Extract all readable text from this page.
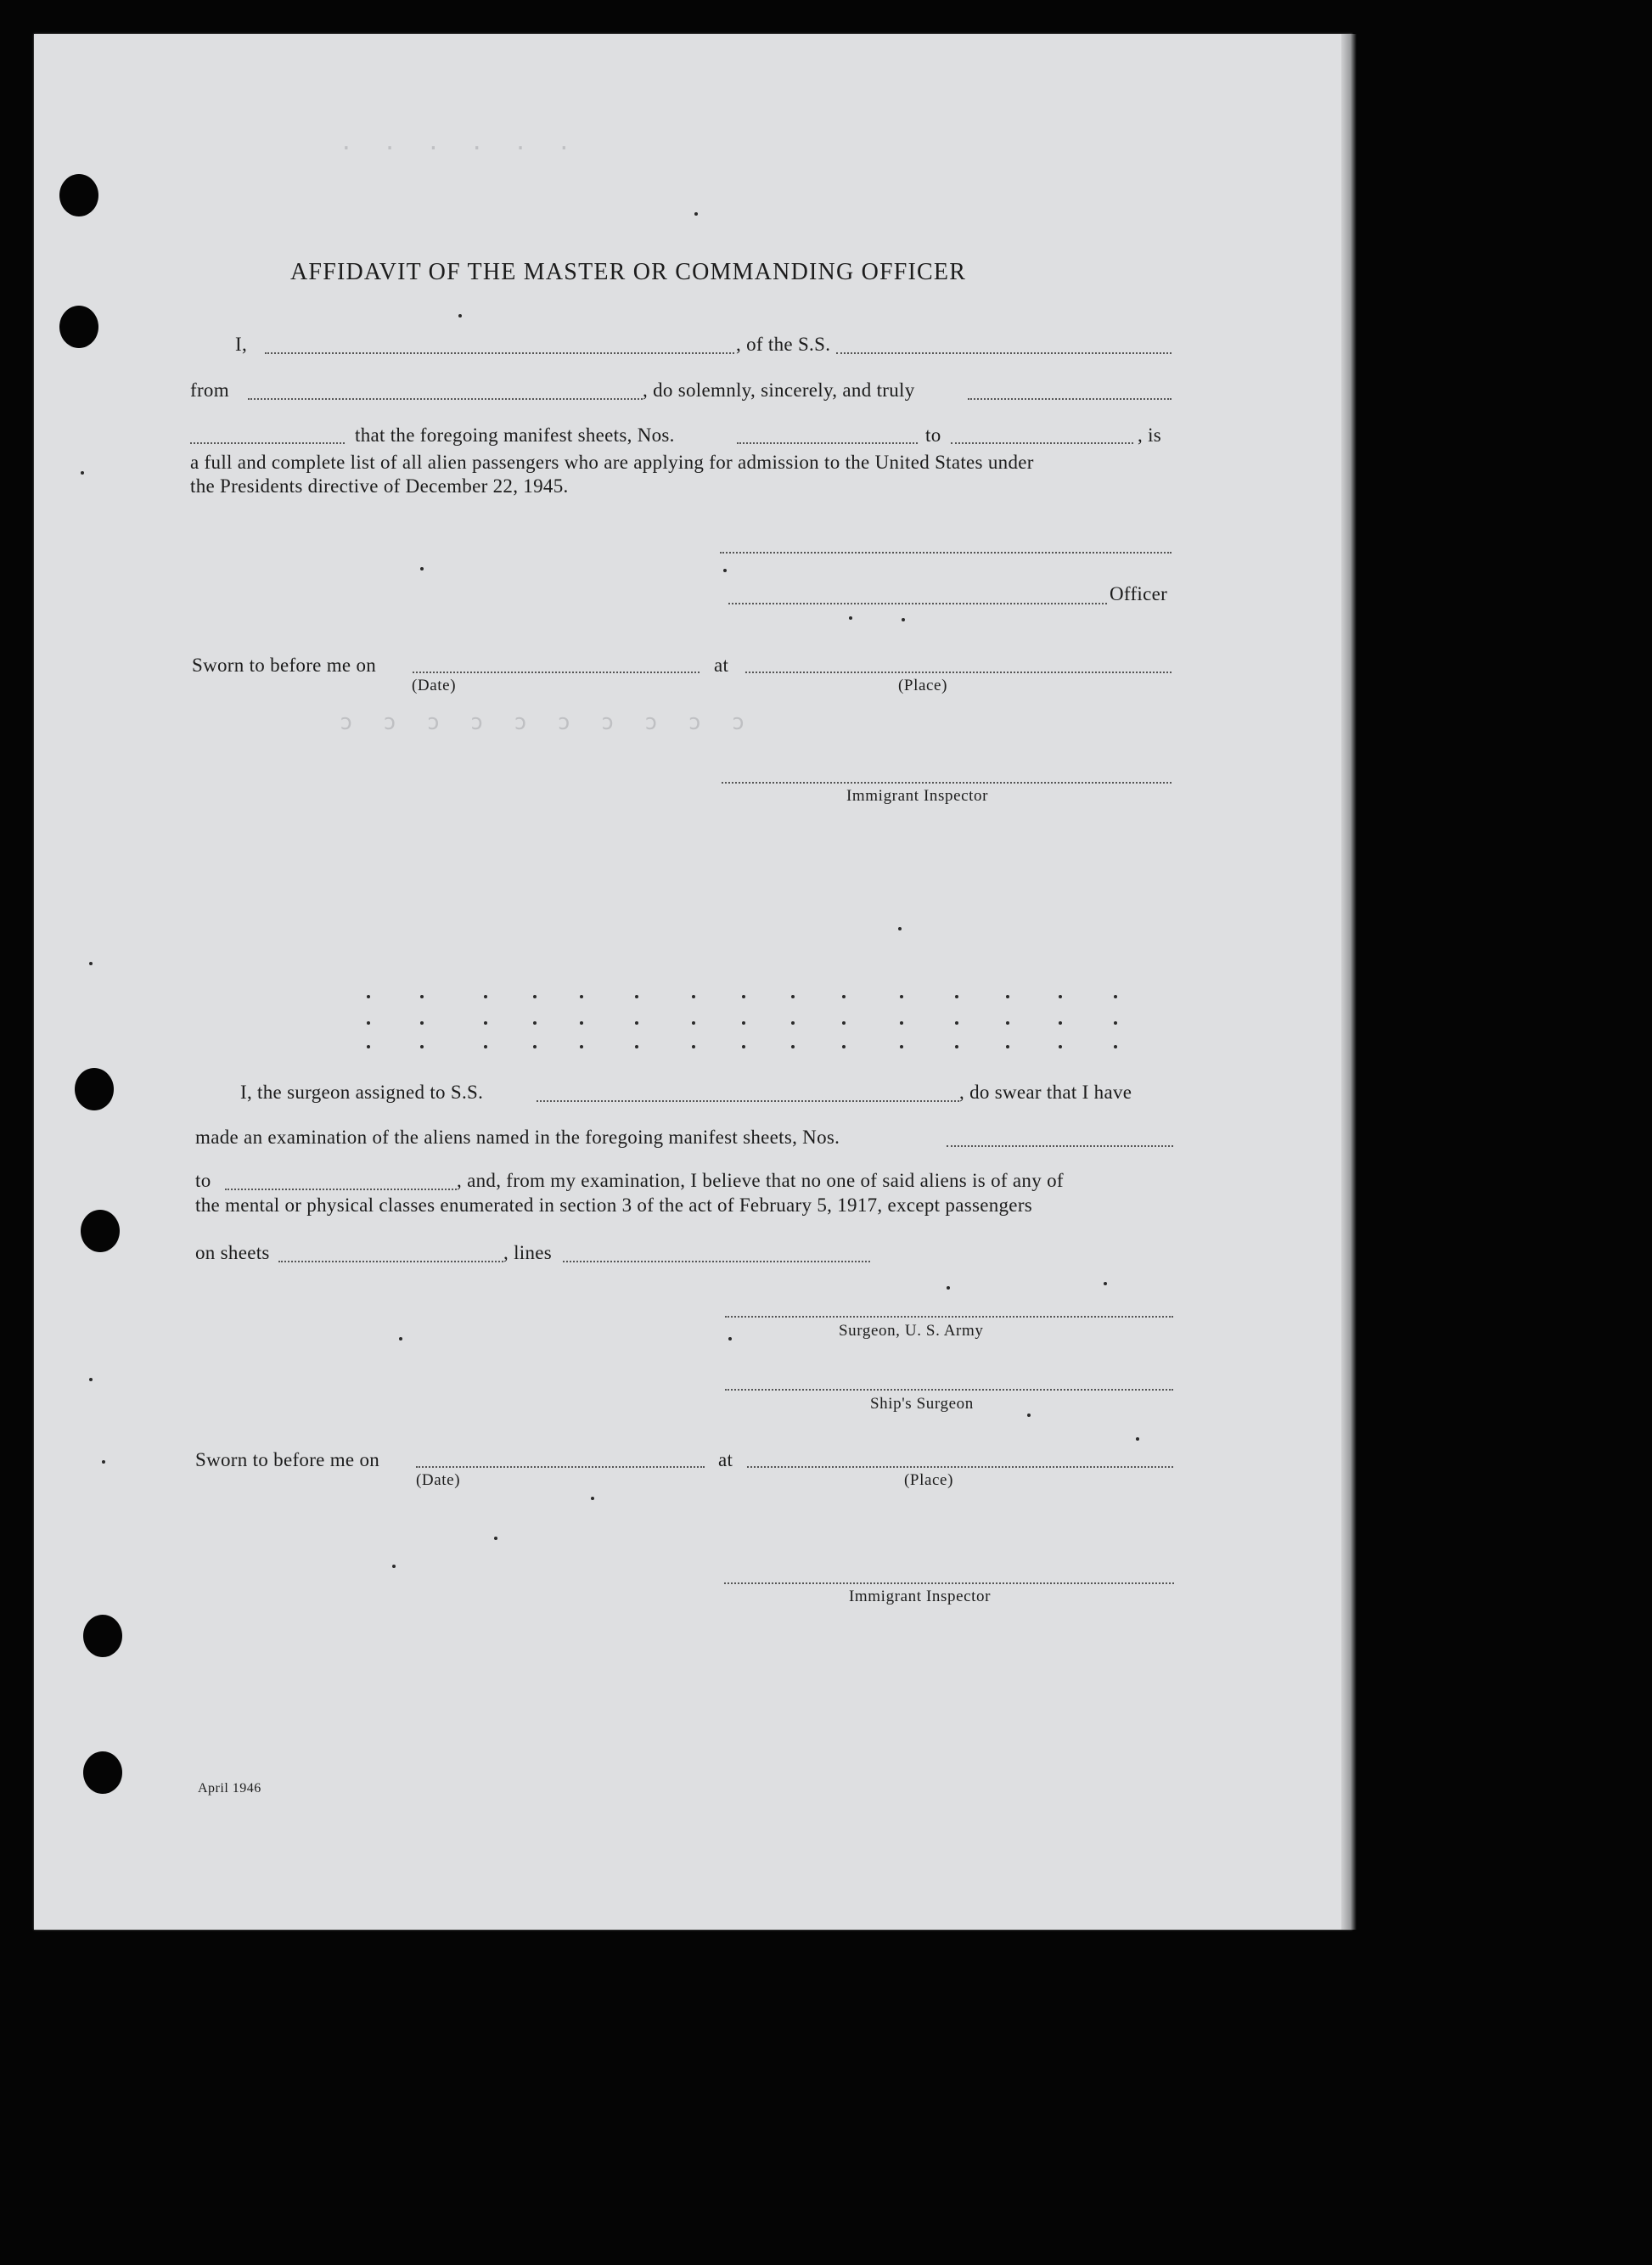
· · · · · ·
ɔ ɔ ɔ ɔ ɔ ɔ ɔ ɔ ɔ ɔ
AFFIDAVIT OF THE MASTER OR COMMANDING OFFICER
I,	, of the S.S.
from	, do solemnly, sincerely, and truly
that the foregoing manifest sheets, Nos.	to	, is
a full and complete list of all alien passengers who are applying for admission to the United States under
the Presidents directive of December 22, 1945.
Officer
Sworn to before me on	at
(Date)	(Place)
Immigrant Inspector
I, the surgeon assigned to S.S.	, do swear that I have
made an examination of the aliens named in the foregoing manifest sheets, Nos.
to	, and, from my examination, I believe that no one of said aliens is of any of
the mental or physical classes enumerated in section 3 of the act of February 5, 1917, except passengers
on sheets	, lines
Surgeon, U. S. Army
Ship's Surgeon
Sworn to before me on	at
(Date)	(Place)
Immigrant Inspector
April 1946
